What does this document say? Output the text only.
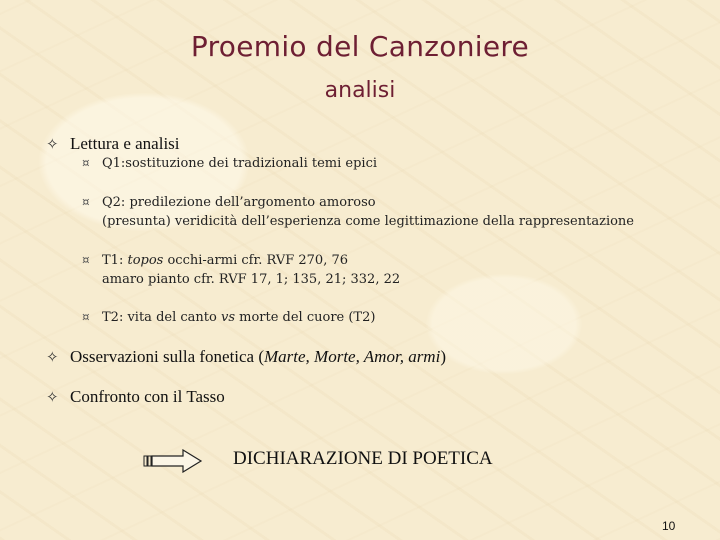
Proemio del Canzoniere
analisi
✧ Lettura e analisi
¤ Q1:sostituzione dei tradizionali temi epici
¤ Q2: predilezione dell’argomento amoroso
(presunta) veridicità dell’esperienza come legittimazione della rappresentazione
¤ T1: topos occhi-armi cfr. RVF 270, 76
amaro pianto cfr. RVF 17, 1; 135, 21; 332, 22
¤ T2: vita del canto vs morte del cuore (T2)
✧ Osservazioni sulla fonetica (Marte, Morte, Amor, armi)
✧ Confronto con il Tasso
DICHIARAZIONE DI POETICA
10
